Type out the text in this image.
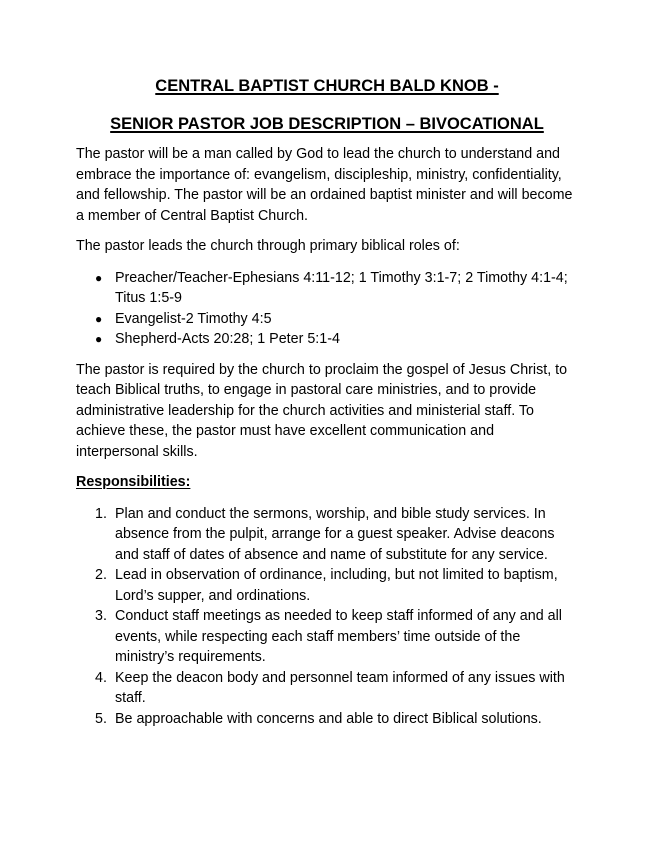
CENTRAL BAPTIST CHURCH BALD KNOB -
SENIOR PASTOR JOB DESCRIPTION – BIVOCATIONAL

The pastor will be a man called by God to lead the church to understand and embrace the importance of: evangelism, discipleship, ministry, confidentiality, and fellowship. The pastor will be an ordained baptist minister and will become a member of Central Baptist Church.

The pastor leads the church through primary biblical roles of:

● Preacher/Teacher-Ephesians 4:11-12; 1 Timothy 3:1-7; 2 Timothy 4:1-4; Titus 1:5-9
● Evangelist-2 Timothy 4:5
● Shepherd-Acts 20:28; 1 Peter 5:1-4

The pastor is required by the church to proclaim the gospel of Jesus Christ, to teach Biblical truths, to engage in pastoral care ministries, and to provide administrative leadership for the church activities and ministerial staff. To achieve these, the pastor must have excellent communication and interpersonal skills.

Responsibilities:
1. Plan and conduct the sermons, worship, and bible study services. In absence from the pulpit, arrange for a guest speaker. Advise deacons and staff of dates of absence and name of substitute for any service.
2. Lead in observation of ordinance, including, but not limited to baptism, Lord’s supper, and ordinations.
3. Conduct staff meetings as needed to keep staff informed of any and all events, while respecting each staff members’ time outside of the ministry’s requirements.
4. Keep the deacon body and personnel team informed of any issues with staff.
5. Be approachable with concerns and able to direct Biblical solutions.
